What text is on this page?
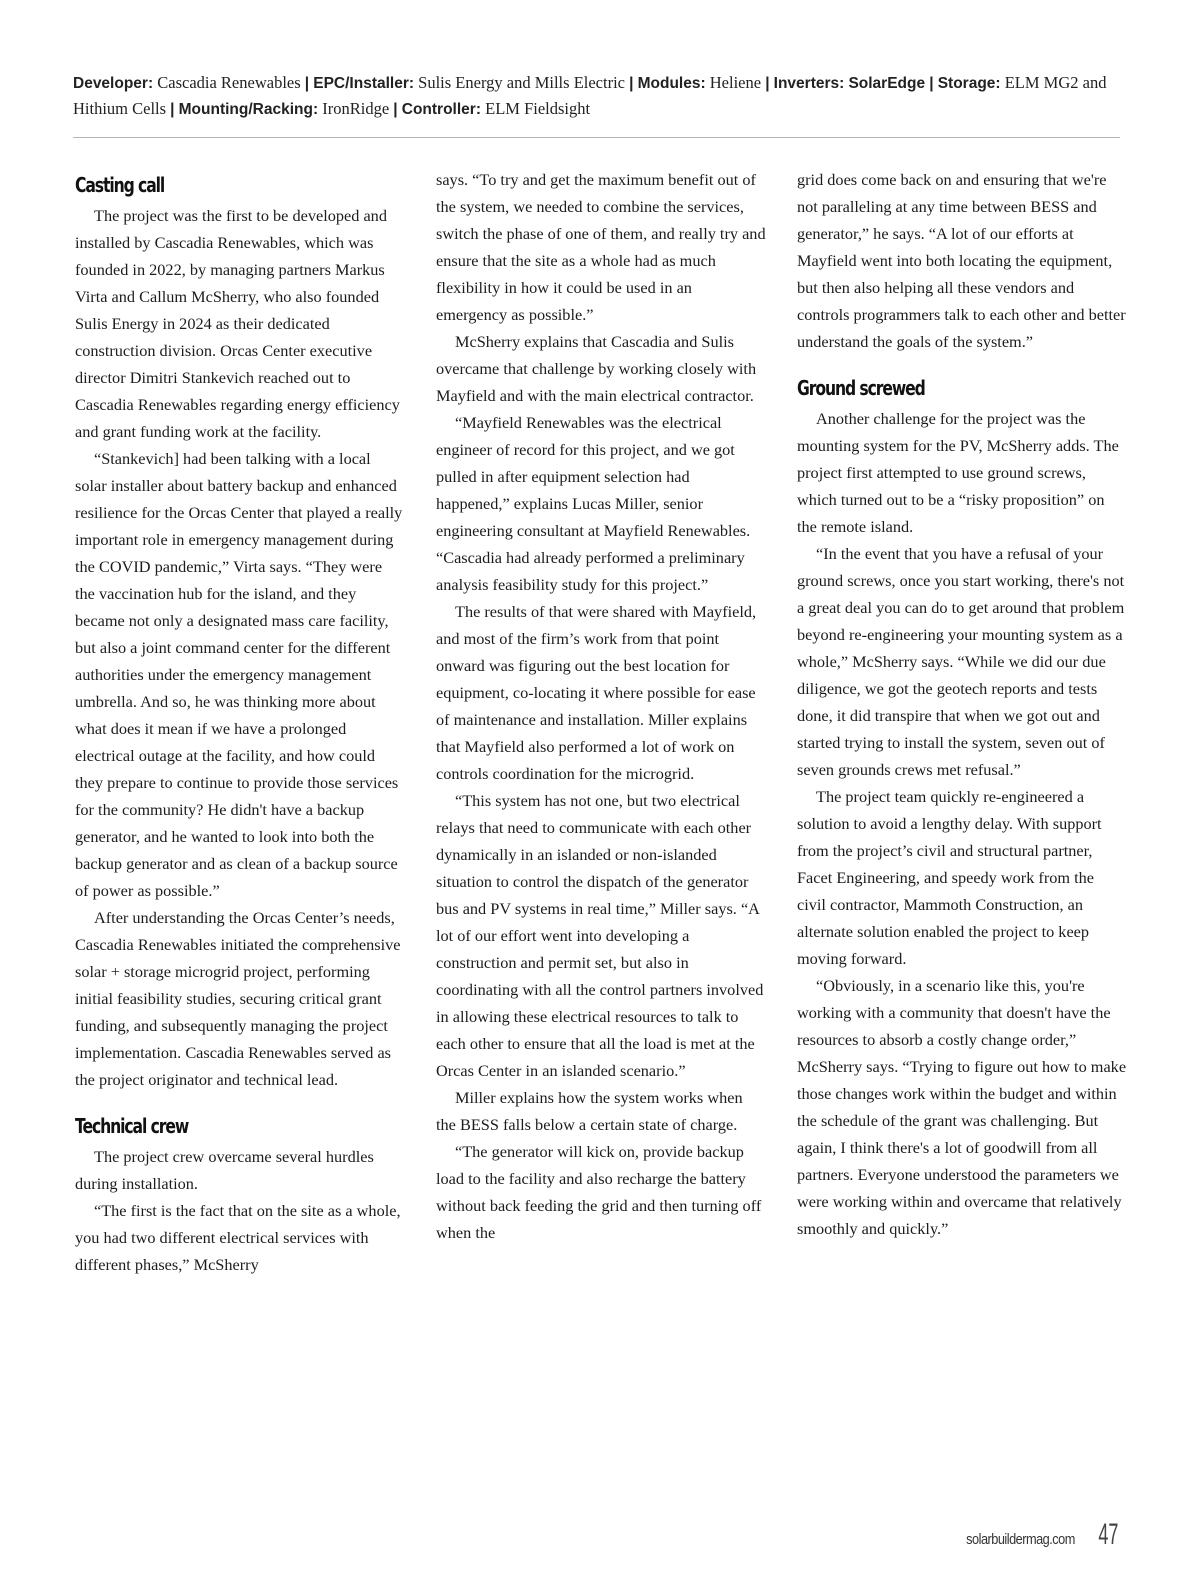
Developer: Cascadia Renewables | EPC/Installer: Sulis Energy and Mills Electric | Modules: Heliene | Inverters: SolarEdge | Storage: ELM MG2 and Hithium Cells | Mounting/Racking: IronRidge | Controller: ELM Fieldsight
Casting call

The project was the first to be developed and installed by Cascadia Renewables, which was founded in 2022, by managing partners Markus Virta and Callum McSherry, who also founded Sulis Energy in 2024 as their dedicated construction division. Orcas Center executive director Dimitri Stankevich reached out to Cascadia Renewables regarding energy efficiency and grant funding work at the facility.

“Stankevich] had been talking with a local solar installer about battery backup and enhanced resilience for the Orcas Center that played a really important role in emergency management during the COVID pandemic,” Virta says. “They were the vaccination hub for the island, and they became not only a designated mass care facility, but also a joint command center for the different authorities under the emergency management umbrella. And so, he was thinking more about what does it mean if we have a prolonged electrical outage at the facility, and how could they prepare to continue to provide those services for the community? He didn't have a backup generator, and he wanted to look into both the backup generator and as clean of a backup source of power as possible.”

After understanding the Orcas Center’s needs, Cascadia Renewables initiated the comprehensive solar + storage microgrid project, performing initial feasibility studies, securing critical grant funding, and subsequently managing the project implementation. Cascadia Renewables served as the project originator and technical lead.

Technical crew

The project crew overcame several hurdles during installation.

“The first is the fact that on the site as a whole, you had two different electrical services with different phases,” McSherry

says. “To try and get the maximum benefit out of the system, we needed to combine the services, switch the phase of one of them, and really try and ensure that the site as a whole had as much flexibility in how it could be used in an emergency as possible.”

McSherry explains that Cascadia and Sulis overcame that challenge by working closely with Mayfield and with the main electrical contractor.

“Mayfield Renewables was the electrical engineer of record for this project, and we got pulled in after equipment selection had happened,” explains Lucas Miller, senior engineering consultant at Mayfield Renewables. “Cascadia had already performed a preliminary analysis feasibility study for this project.”

The results of that were shared with Mayfield, and most of the firm’s work from that point onward was figuring out the best location for equipment, co-locating it where possible for ease of maintenance and installation. Miller explains that Mayfield also performed a lot of work on controls coordination for the microgrid.

“This system has not one, but two electrical relays that need to communicate with each other dynamically in an islanded or non-islanded situation to control the dispatch of the generator bus and PV systems in real time,” Miller says. “A lot of our effort went into developing a construction and permit set, but also in coordinating with all the control partners involved in allowing these electrical resources to talk to each other to ensure that all the load is met at the Orcas Center in an islanded scenario.”

Miller explains how the system works when the BESS falls below a certain state of charge.

“The generator will kick on, provide backup load to the facility and also recharge the battery without back feeding the grid and then turning off when the

grid does come back on and ensuring that we're not paralleling at any time between BESS and generator,” he says. “A lot of our efforts at Mayfield went into both locating the equipment, but then also helping all these vendors and controls programmers talk to each other and better understand the goals of the system.”

Ground screwed

Another challenge for the project was the mounting system for the PV, McSherry adds. The project first attempted to use ground screws, which turned out to be a “risky proposition” on the remote island.

“In the event that you have a refusal of your ground screws, once you start working, there's not a great deal you can do to get around that problem beyond re-engineering your mounting system as a whole,” McSherry says. “While we did our due diligence, we got the geotech reports and tests done, it did transpire that when we got out and started trying to install the system, seven out of seven grounds crews met refusal.”

The project team quickly re-engineered a solution to avoid a lengthy delay. With support from the project’s civil and structural partner, Facet Engineering, and speedy work from the civil contractor, Mammoth Construction, an alternate solution enabled the project to keep moving forward.

“Obviously, in a scenario like this, you're working with a community that doesn't have the resources to absorb a costly change order,” McSherry says. “Trying to figure out how to make those changes work within the budget and within the schedule of the grant was challenging. But again, I think there's a lot of goodwill from all partners. Everyone understood the parameters we were working within and overcame that relatively smoothly and quickly.”

solarbuildermag.com 47
